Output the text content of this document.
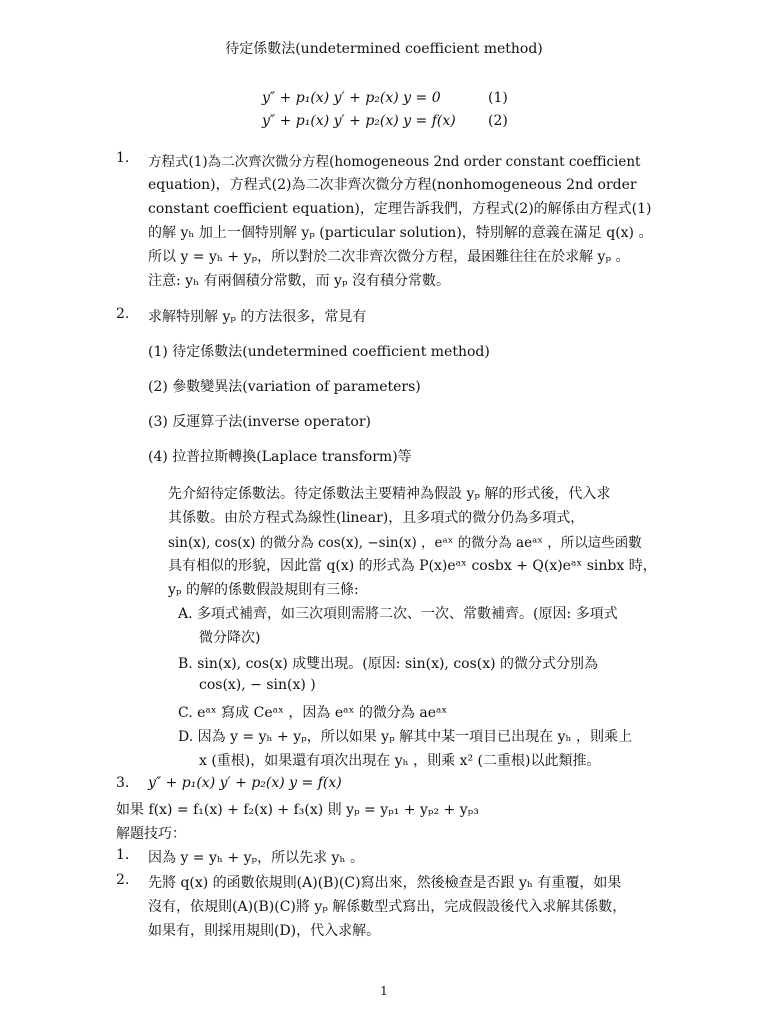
待定係數法(undetermined coefficient method)
y″ + p₁(x) y′ + p₂(x) y = 0	(1)
y″ + p₁(x) y′ + p₂(x) y = f(x) (2)
1. 方程式(1)為二次齊次微分方程(homogeneous 2nd order constant coefficient
equation)，方程式(2)為二次非齊次微分方程(nonhomogeneous 2nd order
constant coefficient equation)，定理告訴我們，方程式(2)的解係由方程式(1)
的解 yₕ 加上一個特別解 yₚ (particular solution)，特別解的意義在滿足 q(x) 。
所以 y = yₕ + yₚ，所以對於二次非齊次微分方程，最困難往往在於求解 yₚ 。
注意: yₕ 有兩個積分常數，而 yₚ 沒有積分常數。
2. 求解特別解 yₚ 的方法很多，常見有
(1) 待定係數法(undetermined coefficient method)
(2) 參數變異法(variation of parameters)
(3) 反運算子法(inverse operator)
(4) 拉普拉斯轉換(Laplace transform)等
先介紹待定係數法。待定係數法主要精神為假設 yₚ 解的形式後，代入求
其係數。由於方程式為線性(linear)，且多項式的微分仍為多項式，
sin(x), cos(x) 的微分為 cos(x), −sin(x) ，eᵃˣ 的微分為 aeᵃˣ ，所以這些函數
具有相似的形貌，因此當 q(x) 的形式為 P(x)eᵃˣ cosbx + Q(x)eᵃˣ sinbx 時，
yₚ 的解的係數假設規則有三條:
A. 多項式補齊，如三次項則需將二次、一次、常數補齊。(原因: 多項式
微分降次)
B. sin(x), cos(x) 成雙出現。(原因: sin(x), cos(x) 的微分式分別為
cos(x), − sin(x) )
C. eᵃˣ 寫成 Ceᵃˣ ，因為 eᵃˣ 的微分為 aeᵃˣ
D. 因為 y = yₕ + yₚ，所以如果 yₚ 解其中某一項目已出現在 yₕ ，則乘上
x (重根)，如果還有項次出現在 yₕ ，則乘 x² (二重根)以此類推。
3. y″ + p₁(x) y′ + p₂(x) y = f(x)
如果 f(x) = f₁(x) + f₂(x) + f₃(x) 則 yₚ = yₚ₁ + yₚ₂ + yₚ₃
解題技巧：
1. 因為 y = yₕ + yₚ，所以先求 yₕ 。
2. 先將 q(x) 的函數依規則(A)(B)(C)寫出來，然後檢查是否跟 yₕ 有重覆，如果
沒有，依規則(A)(B)(C)將 yₚ 解係數型式寫出，完成假設後代入求解其係數，
如果有，則採用規則(D)，代入求解。
1
